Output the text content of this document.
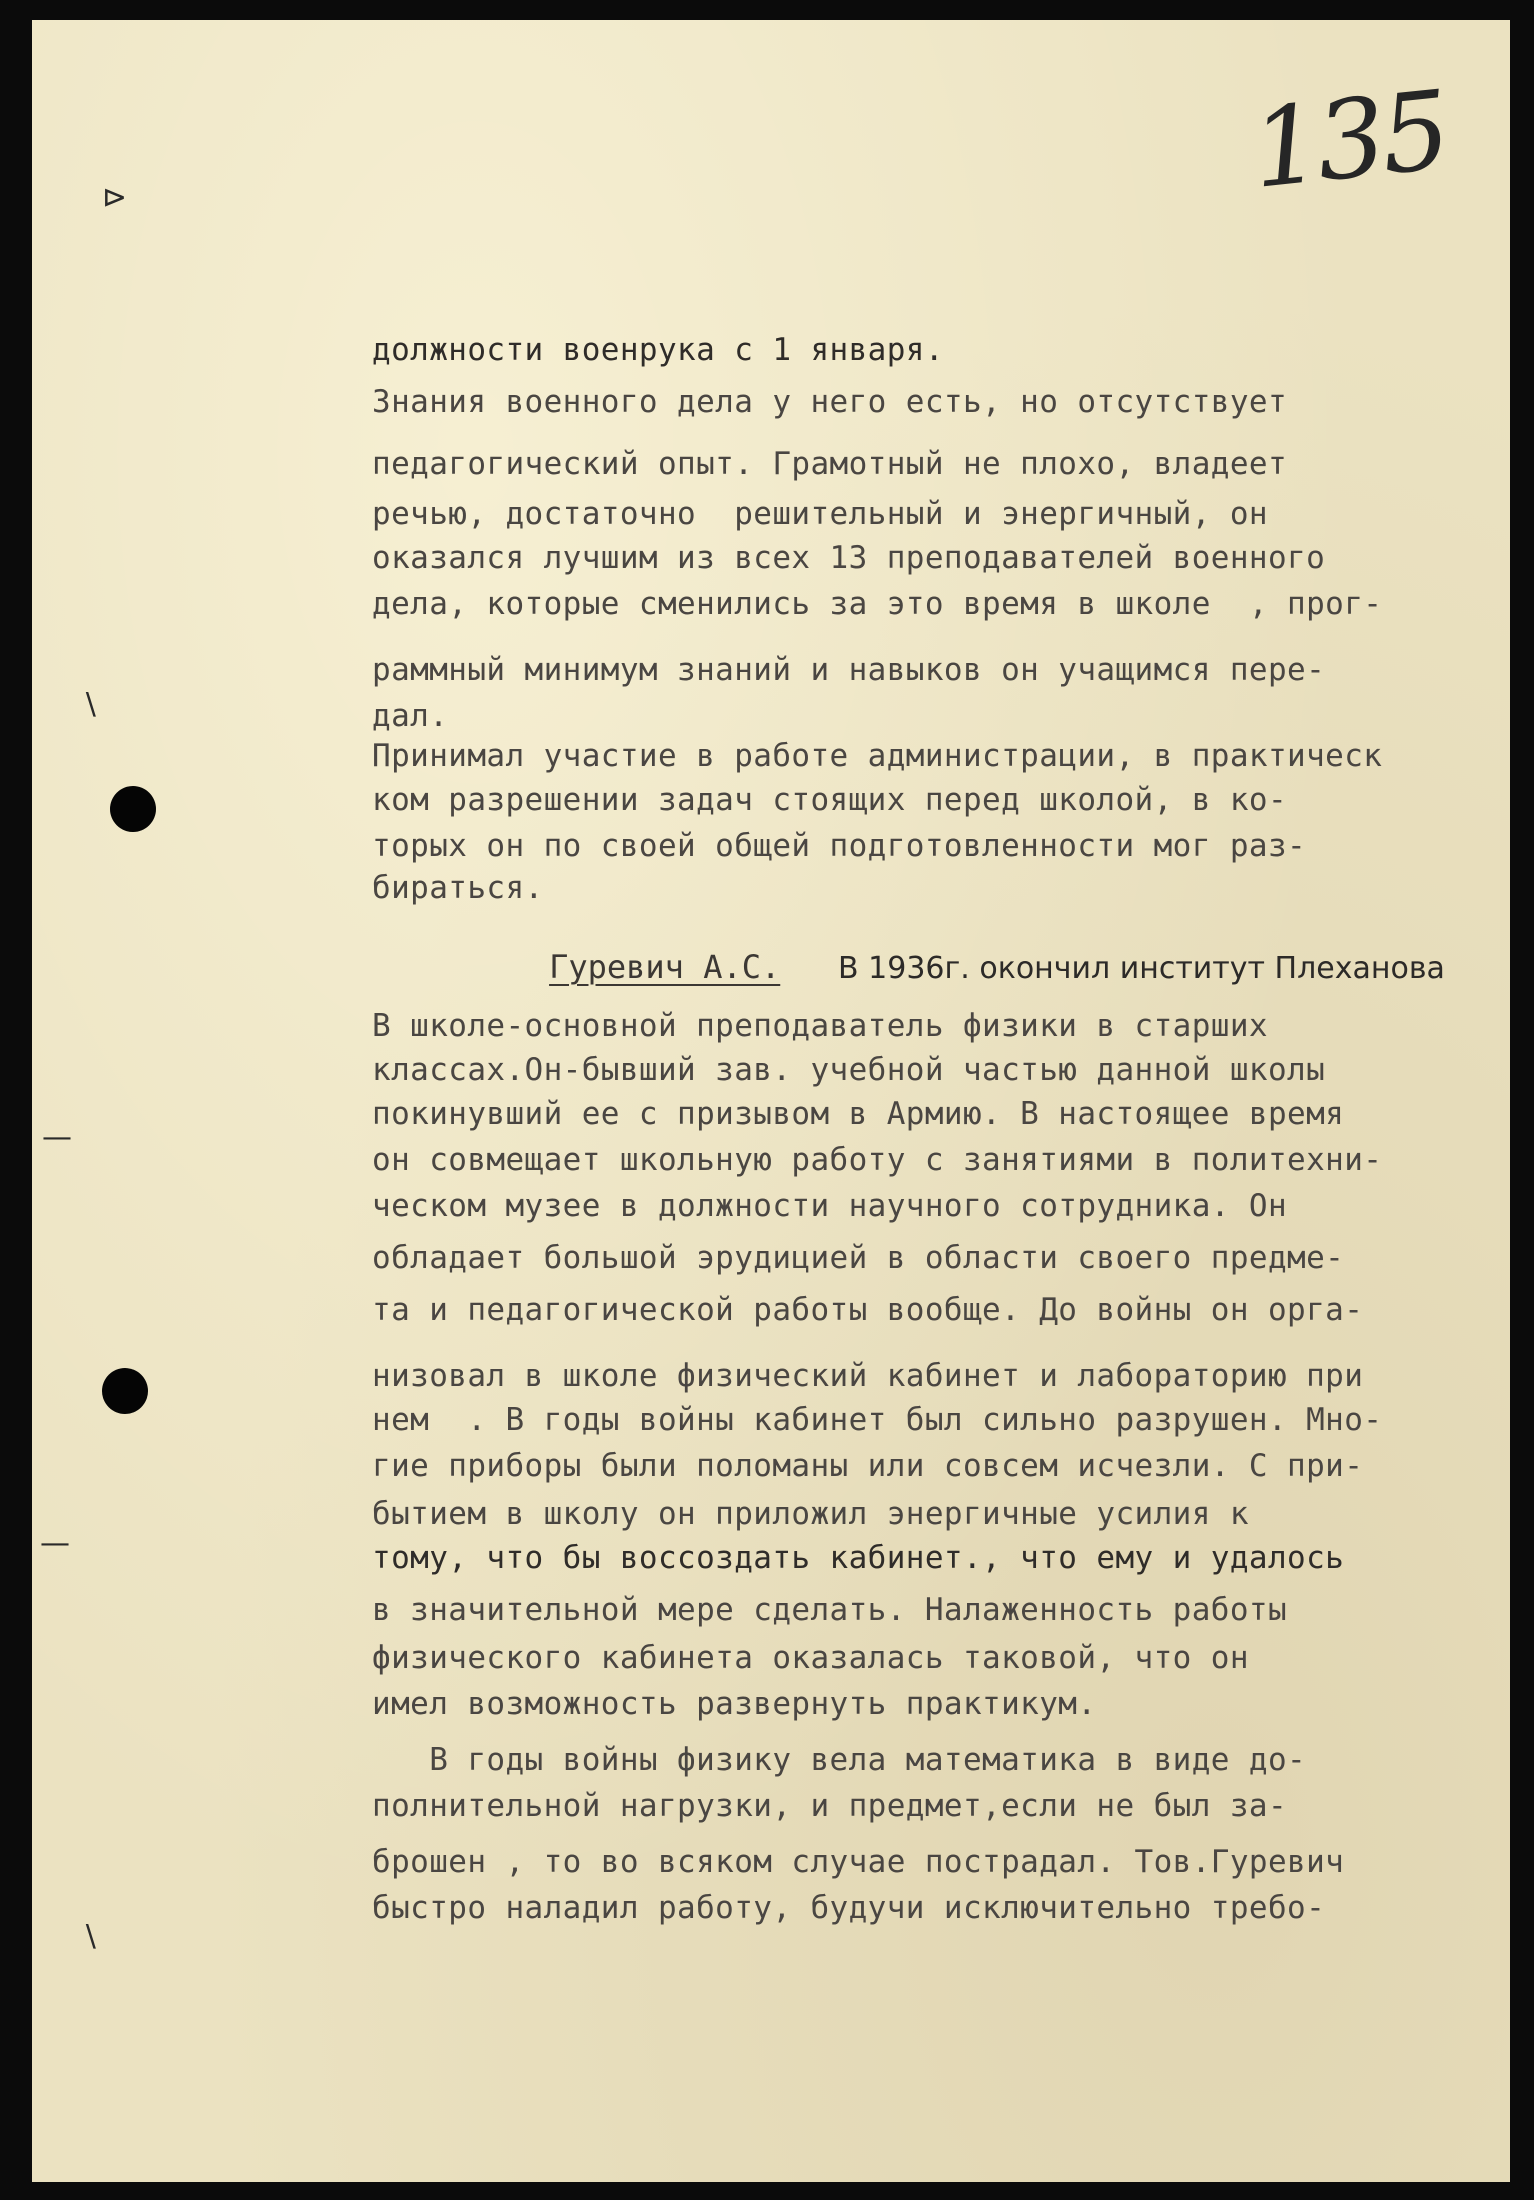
135
⊳
∖
—
—
∖
должности военрука с 1 января.
Знания военного дела у него есть, но отсутствует
педагогический опыт. Грамотный не плохо, владеет
речью, достаточно  решительный и энергичный, он
оказался лучшим из всех 13 преподавателей военного
дела, которые сменились за это время в школе  , прог-
раммный минимум знаний и навыков он учащимся пере-
дал.
Принимал участие в работе администрации, в практическ
ком разрешении задач стоящих перед школой, в ко-
торых он по своей общей подготовленности мог раз-
бираться.

Гуревич А.С. В 1936г. окончил институт Плеханова

В школе-основной преподаватель физики в старших
классах.Он-бывший зав. учебной частью данной школы
покинувший ее с призывом в Армию. В настоящее время
он совмещает школьную работу с занятиями в политехни-
ческом музее в должности научного сотрудника. Он
обладает большой эрудицией в области своего предме-
та и педагогической работы вообще. До войны он орга-
низовал в школе физический кабинет и лабораторию при
нем  . В годы войны кабинет был сильно разрушен. Мно-
гие приборы были поломаны или совсем исчезли. С при-
бытием в школу он приложил энергичные усилия к
тому, что бы воссоздать кабинет., что ему и удалось
в значительной мере сделать. Налаженность работы
физического кабинета оказалась таковой, что он
имел возможность развернуть практикум.
В годы войны физику вела математика в виде до-
полнительной нагрузки, и предмет,если не был за-
брошен , то во всяком случае пострадал. Тов.Гуревич
быстро наладил работу, будучи исключительно требо-
